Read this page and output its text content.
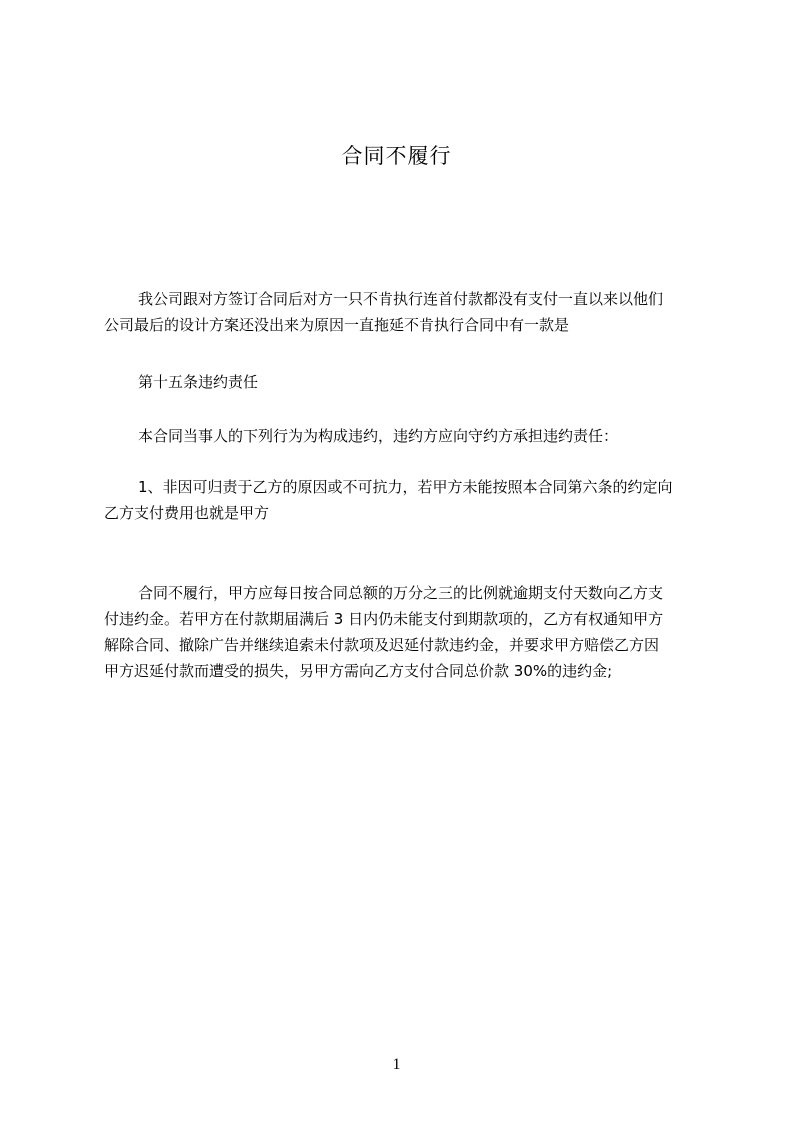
合同不履行
我公司跟对方签订合同后对方一只不肯执行连首付款都没有支付一直以来以他们
公司最后的设计方案还没出来为原因一直拖延不肯执行合同中有一款是
第十五条违约责任
本合同当事人的下列行为为构成违约，违约方应向守约方承担违约责任：
1、非因可归责于乙方的原因或不可抗力，若甲方未能按照本合同第六条的约定向
乙方支付费用也就是甲方
合同不履行，甲方应每日按合同总额的万分之三的比例就逾期支付天数向乙方支
付违约金。若甲方在付款期届满后 3 日内仍未能支付到期款项的，乙方有权通知甲方
解除合同、撤除广告并继续追索未付款项及迟延付款违约金，并要求甲方赔偿乙方因
甲方迟延付款而遭受的损失，另甲方需向乙方支付合同总价款 30%的违约金;
1
